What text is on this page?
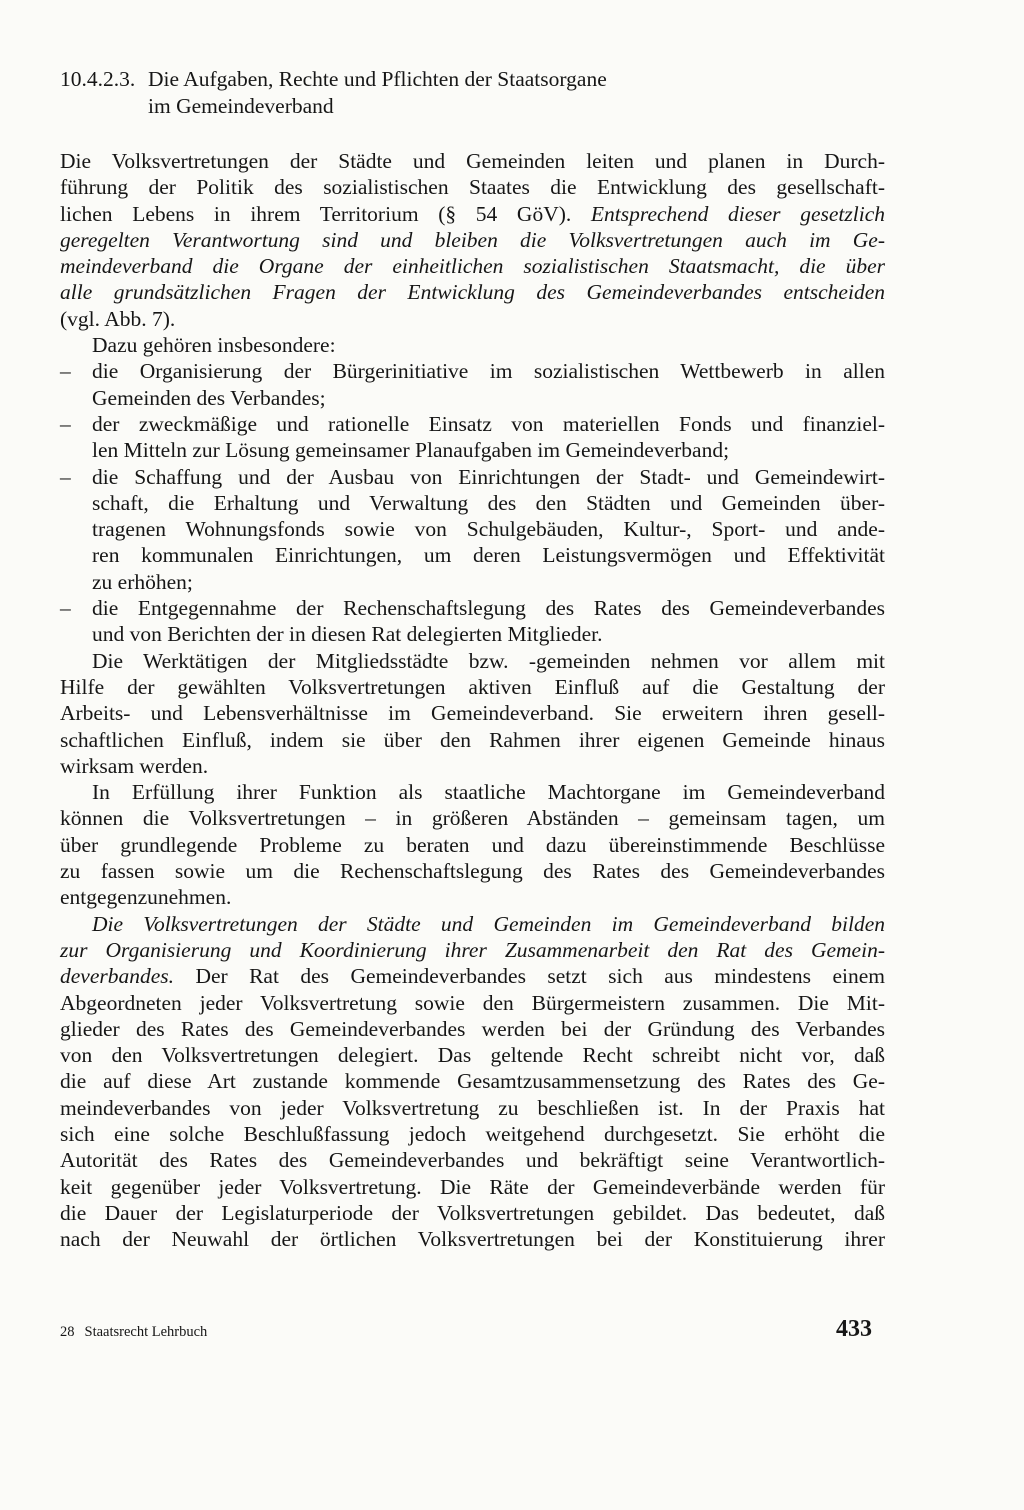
10.4.2.3. Die Aufgaben, Rechte und Pflichten der Staatsorgane
im Gemeindeverband
Die Volksvertretungen der Städte und Gemeinden leiten und planen in Durch-
führung der Politik des sozialistischen Staates die Entwicklung des gesellschaft-
lichen Lebens in ihrem Territorium (§ 54 GöV). Entsprechend dieser gesetzlich
geregelten Verantwortung sind und bleiben die Volksvertretungen auch im Ge-
meindeverband die Organe der einheitlichen sozialistischen Staatsmacht, die über
alle grundsätzlichen Fragen der Entwicklung des Gemeindeverbandes entscheiden
(vgl. Abb. 7).
Dazu gehören insbesondere:
– die Organisierung der Bürgerinitiative im sozialistischen Wettbewerb in allen
Gemeinden des Verbandes;
– der zweckmäßige und rationelle Einsatz von materiellen Fonds und finanziel-
len Mitteln zur Lösung gemeinsamer Planaufgaben im Gemeindeverband;
– die Schaffung und der Ausbau von Einrichtungen der Stadt- und Gemeindewirt-
schaft, die Erhaltung und Verwaltung des den Städten und Gemeinden über-
tragenen Wohnungsfonds sowie von Schulgebäuden, Kultur-, Sport- und ande-
ren kommunalen Einrichtungen, um deren Leistungsvermögen und Effektivität
zu erhöhen;
– die Entgegennahme der Rechenschaftslegung des Rates des Gemeindeverbandes
und von Berichten der in diesen Rat delegierten Mitglieder.
Die Werktätigen der Mitgliedsstädte bzw. -gemeinden nehmen vor allem mit
Hilfe der gewählten Volksvertretungen aktiven Einfluß auf die Gestaltung der
Arbeits- und Lebensverhältnisse im Gemeindeverband. Sie erweitern ihren gesell-
schaftlichen Einfluß, indem sie über den Rahmen ihrer eigenen Gemeinde hinaus
wirksam werden.
In Erfüllung ihrer Funktion als staatliche Machtorgane im Gemeindeverband
können die Volksvertretungen – in größeren Abständen – gemeinsam tagen, um
über grundlegende Probleme zu beraten und dazu übereinstimmende Beschlüsse
zu fassen sowie um die Rechenschaftslegung des Rates des Gemeindeverbandes
entgegenzunehmen.
Die Volksvertretungen der Städte und Gemeinden im Gemeindeverband bilden
zur Organisierung und Koordinierung ihrer Zusammenarbeit den Rat des Gemein-
deverbandes. Der Rat des Gemeindeverbandes setzt sich aus mindestens einem
Abgeordneten jeder Volksvertretung sowie den Bürgermeistern zusammen. Die Mit-
glieder des Rates des Gemeindeverbandes werden bei der Gründung des Verbandes
von den Volksvertretungen delegiert. Das geltende Recht schreibt nicht vor, daß
die auf diese Art zustande kommende Gesamtzusammensetzung des Rates des Ge-
meindeverbandes von jeder Volksvertretung zu beschließen ist. In der Praxis hat
sich eine solche Beschlußfassung jedoch weitgehend durchgesetzt. Sie erhöht die
Autorität des Rates des Gemeindeverbandes und bekräftigt seine Verantwortlich-
keit gegenüber jeder Volksvertretung. Die Räte der Gemeindeverbände werden für
die Dauer der Legislaturperiode der Volksvertretungen gebildet. Das bedeutet, daß
nach der Neuwahl der örtlichen Volksvertretungen bei der Konstituierung ihrer
28 Staatsrecht Lehrbuch	433
